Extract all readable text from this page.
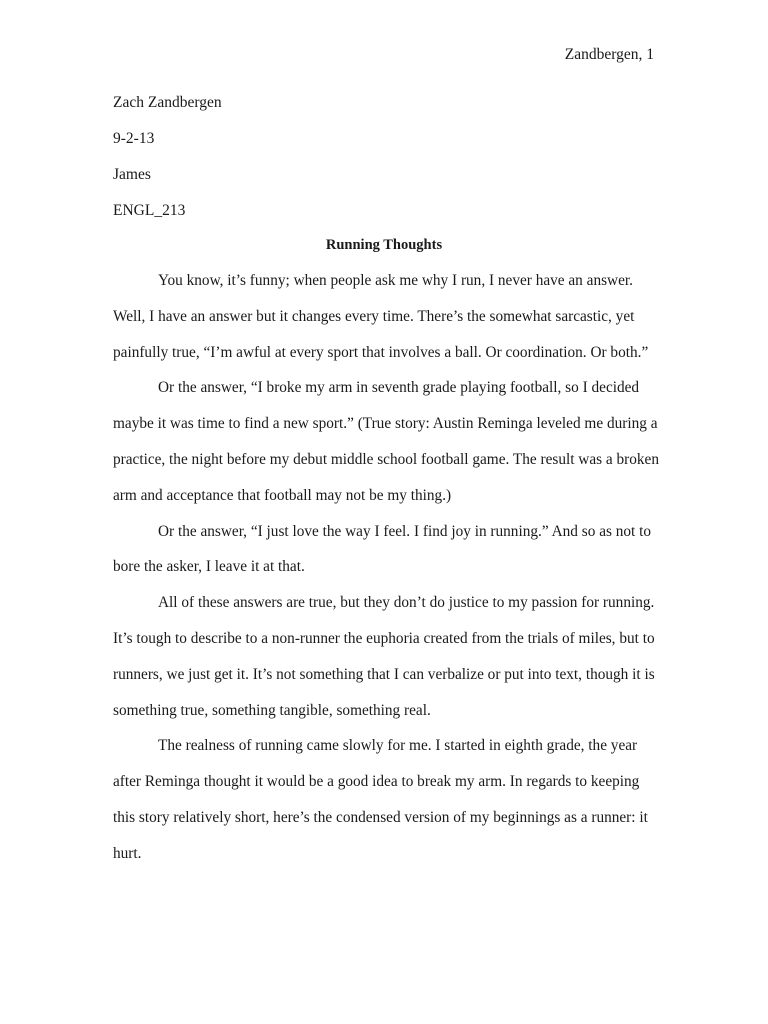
Zandbergen, 1
Zach Zandbergen
9-2-13
James
ENGL_213
Running Thoughts
You know, it’s funny; when people ask me why I run, I never have an answer.
Well, I have an answer but it changes every time. There’s the somewhat sarcastic, yet
painfully true, “I’m awful at every sport that involves a ball. Or coordination. Or both.”
Or the answer, “I broke my arm in seventh grade playing football, so I decided
maybe it was time to find a new sport.” (True story: Austin Reminga leveled me during a
practice, the night before my debut middle school football game. The result was a broken
arm and acceptance that football may not be my thing.)
Or the answer, “I just love the way I feel. I find joy in running.” And so as not to
bore the asker, I leave it at that.
All of these answers are true, but they don’t do justice to my passion for running.
It’s tough to describe to a non-runner the euphoria created from the trials of miles, but to
runners, we just get it. It’s not something that I can verbalize or put into text, though it is
something true, something tangible, something real.
The realness of running came slowly for me. I started in eighth grade, the year
after Reminga thought it would be a good idea to break my arm. In regards to keeping
this story relatively short, here’s the condensed version of my beginnings as a runner: it
hurt.
